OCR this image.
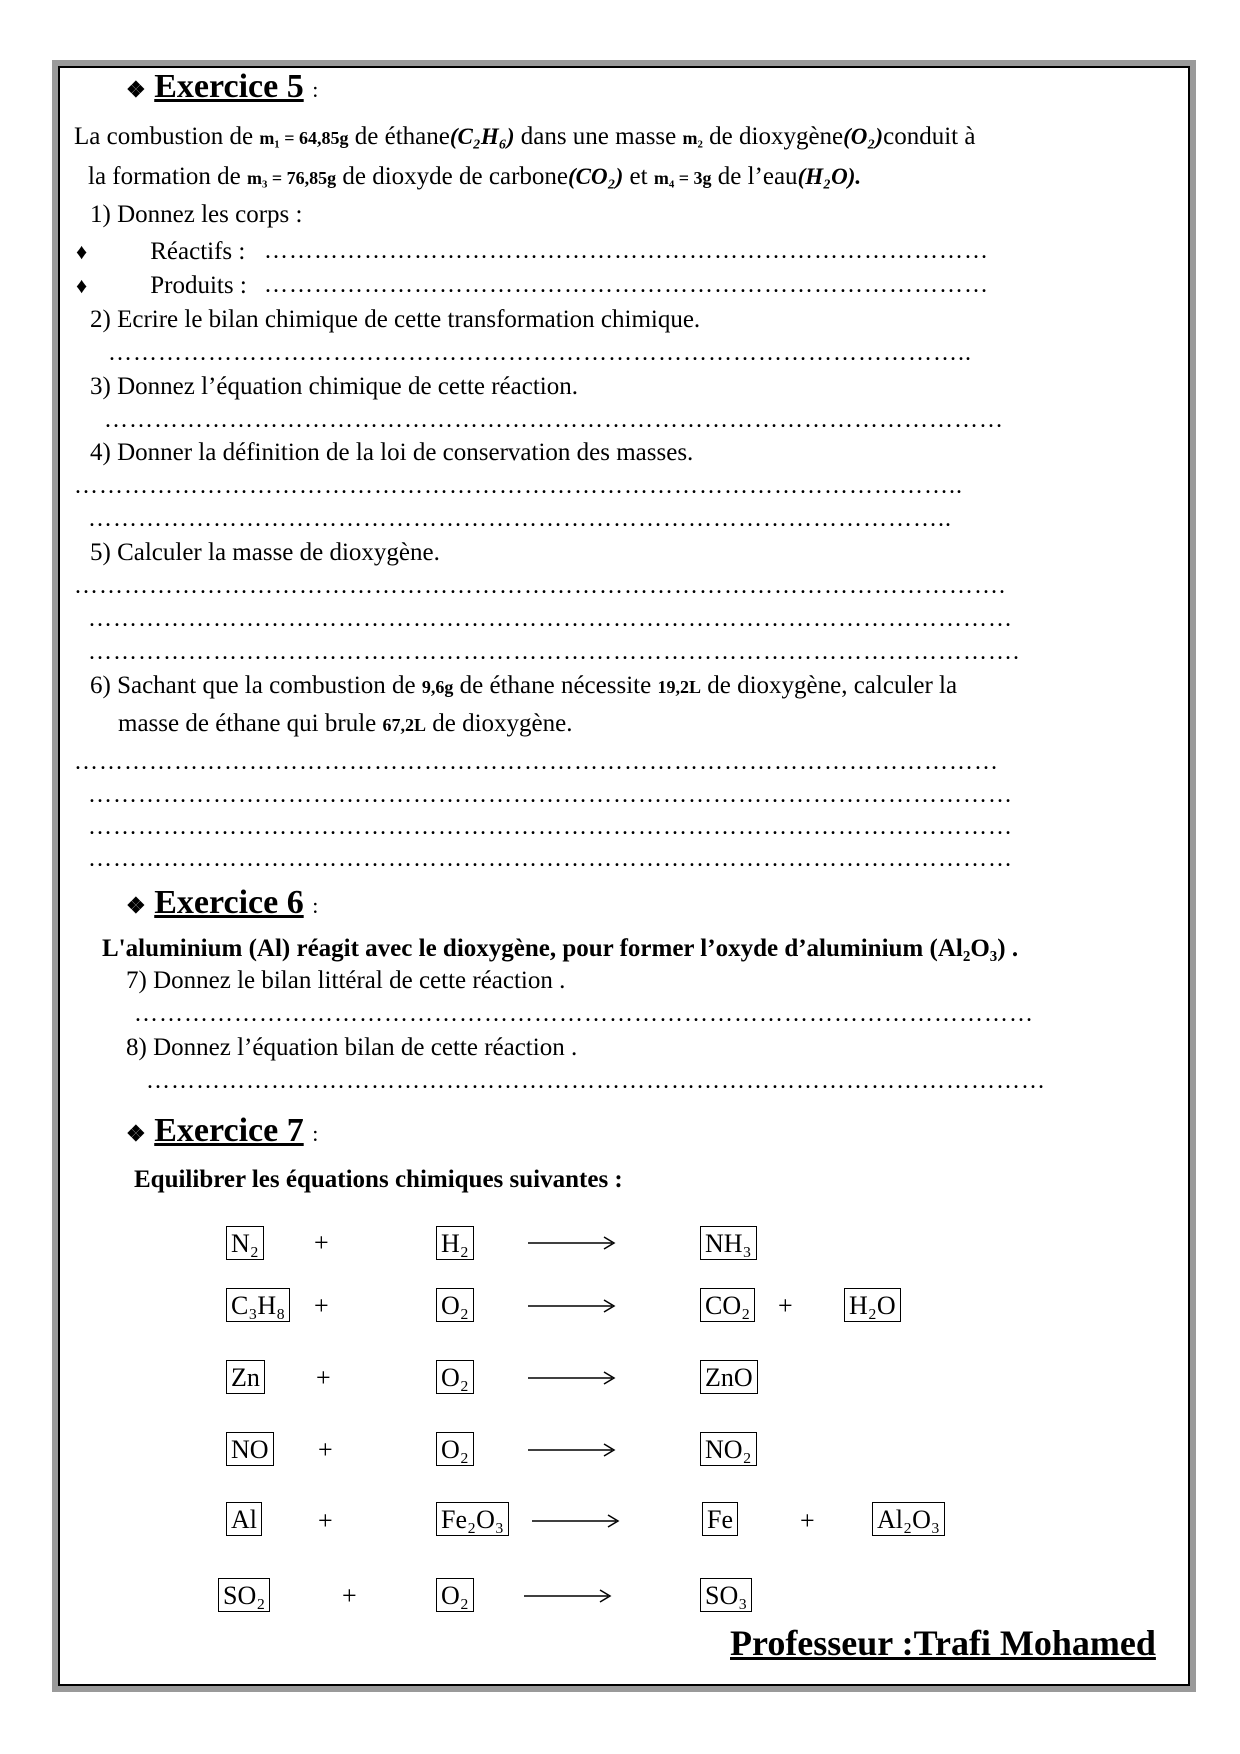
❖ Exercice 5 :
La combustion de m₁ = 64,85g de éthane(C₂H₆) dans une masse m₂ de dioxygène(O₂)conduit à
la formation de m₃ = 76,85g de dioxyde de carbone(CO₂) et m₄ = 3g de l’eau(H₂O).
1) Donnez les corps :
♦	Réactifs : ……………………………………………………………………………
♦	Produits : ……………………………………………………………………………
2) Ecrire le bilan chimique de cette transformation chimique.
…………………………………………………………………………………………..
3) Donnez l’équation chimique de cette réaction.
………………………………………………………………………………………………
4) Donner la définition de la loi de conservation des masses.
……………………………………………………………………………………………..
…………………………………………………………………………………………..
5) Calculer la masse de dioxygène.
………………………………………………………………………………………………….
…………………………………………………………………………………………………
………………………………………………………………………………………………….
6) Sachant que la combustion de 9,6g de éthane nécessite 19,2L de dioxygène, calculer la
masse de éthane qui brule 67,2L de dioxygène.
…………………………………………………………………………………………………
…………………………………………………………………………………………………
…………………………………………………………………………………………………
…………………………………………………………………………………………………
❖ Exercice 6 :
L'aluminium (Al) réagit avec le dioxygène, pour former l’oxyde d’aluminium (Al₂O₃) .
7) Donnez le bilan littéral de cette réaction .
………………………………………………………………………………………………
8) Donnez l’équation bilan de cette réaction .
………………………………………………………………………………………………
❖ Exercice 7 :
Equilibrer les équations chimiques suivantes :
N₂ +	H₂	NH₃
C₃H₈ +	O₂	CO₂ + H₂O
Zn +	O₂	ZnO
NO +	O₂	NO₂
Al +	Fe₂O₃	Fe	+ Al₂O₃
SO₂	+	O₂	SO₃
Professeur :Trafi Mohamed
